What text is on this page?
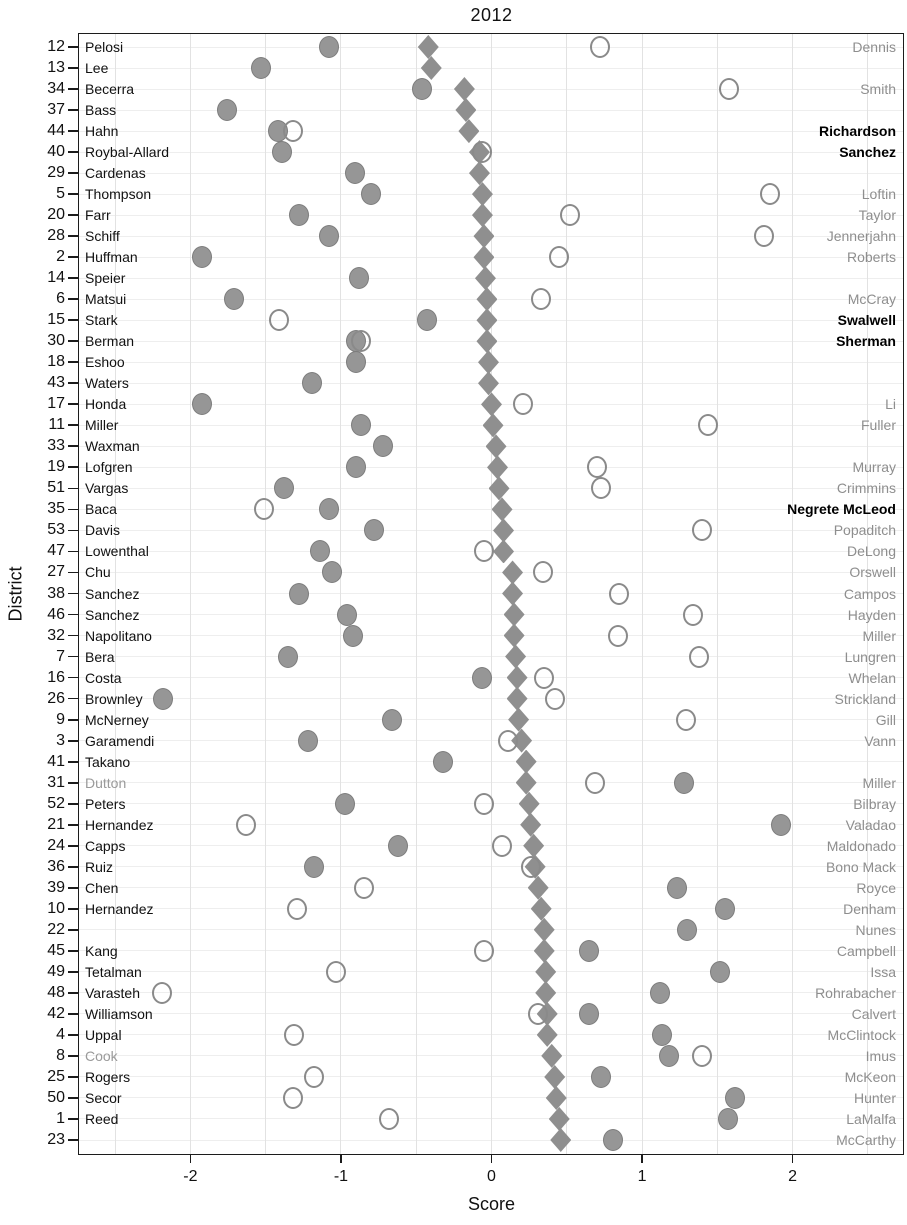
2012
District
-2	-1	0	1	2
12 Pelosi	Dennis
13 Lee
34 Becerra	Smith
37 Bass
44 Hahn	Richardson
40 Roybal-Allard	Sanchez
29 Cardenas
5 Thompson	Loftin
20 Farr	Taylor
28 Schiff	Jennerjahn
2 Huffman	Roberts
14 Speier
6 Matsui	McCray
15 Stark	Swalwell
30 Berman	Sherman
18 Eshoo
43 Waters
17 Honda	Li
11 Miller	Fuller
33 Waxman
19 Lofgren	Murray
51 Vargas	Crimmins
35 Baca	Negrete McLeod
53 Davis	Popaditch
47 Lowenthal	DeLong
27 Chu	Orswell
38 Sanchez	Campos
46 Sanchez	Hayden
32 Napolitano	Miller
7 Bera	Lungren
16 Costa	Whelan
26 Brownley	Strickland
9 McNerney	Gill
3 Garamendi	Vann
41 Takano
31 Dutton	Miller
52 Peters	Bilbray
21 Hernandez	Valadao
24 Capps	Maldonado
36 Ruiz	Bono Mack
39 Chen	Royce
10 Hernandez	Denham
22	Nunes
45 Kang	Campbell
49 Tetalman	Issa
48 Varasteh	Rohrabacher
42 Williamson	Calvert
4 Uppal	McClintock
8 Cook	Imus
25 Rogers	McKeon
50 Secor	Hunter
1 Reed	LaMalfa
23	McCarthy
Score
